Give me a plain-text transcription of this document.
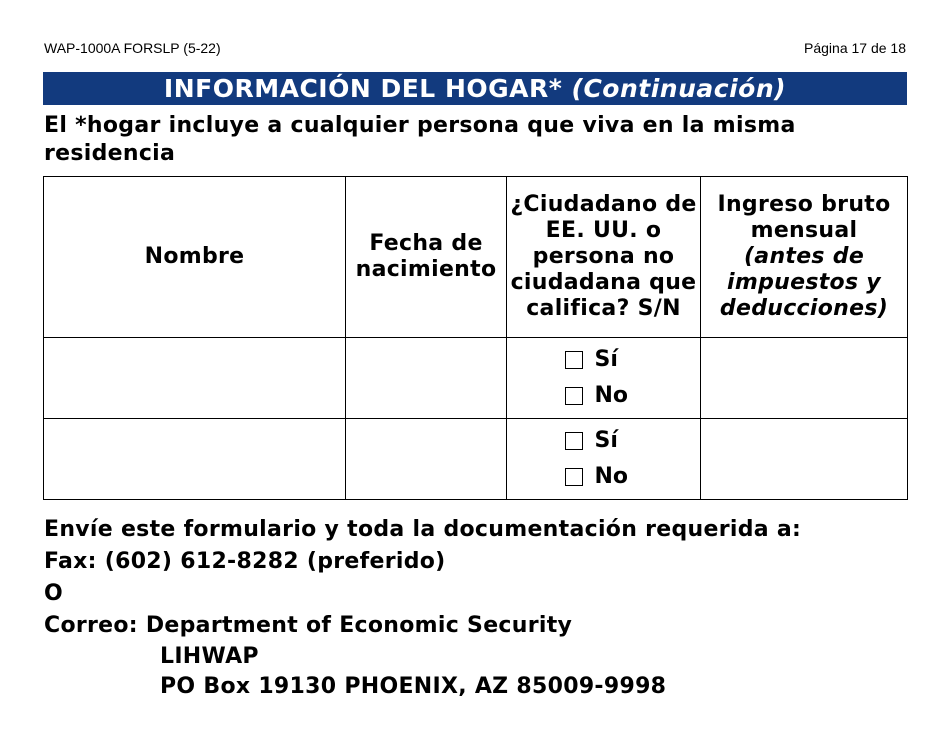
WAP-1000A FORSLP (5-22)	Página 17 de 18
INFORMACIÓN DEL HOGAR* (Continuación)
El *hogar incluye a cualquier persona que viva en la misma residencia
Nombre	Fecha de nacimiento	¿Ciudadano de EE. UU. o persona no ciudadana que califica? S/N	Ingreso bruto mensual
(antes de impuestos y deducciones)

		Sí
No	

		Sí
No	

Envíe este formulario y toda la documentación requerida a:

Fax: (602) 612-8282 (preferido)

O

Correo: Department of Economic Security

LIHWAP

PO Box 19130 PHOENIX, AZ 85009-9998
